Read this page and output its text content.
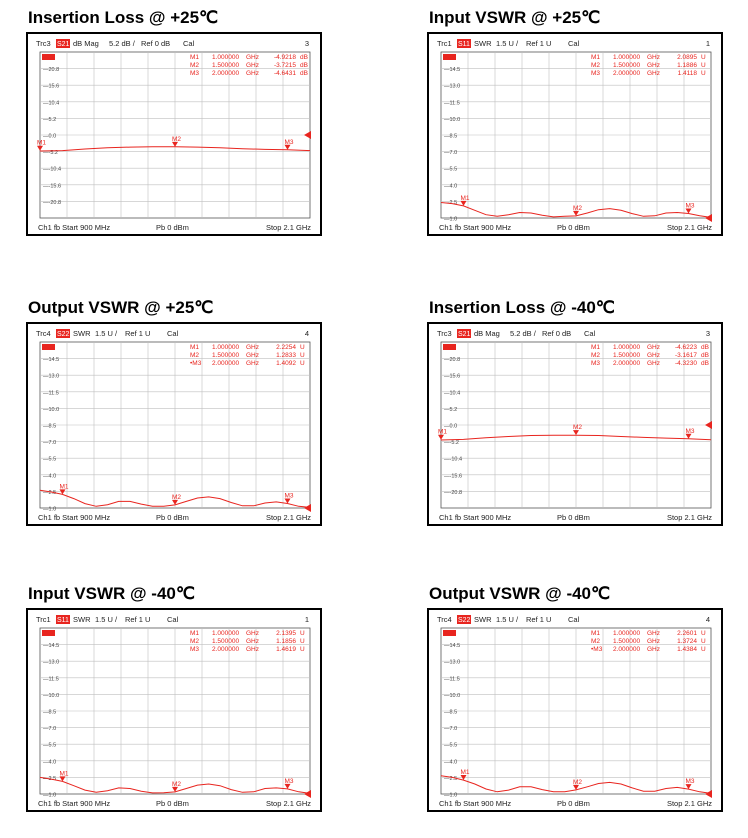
Insertion Loss @ +25℃
Trc3 S21 dB Mag 5.2 dB / Ref 0 dB Cal	3
—20.8
—15.6
—10.4
—5.2
—0.0
—-5.2
—-10.4
—-15.6
—-20.8
M1 1.000000 GHz -4.9218 dB
M2 1.500000 GHz -3.7215 dB
M3 2.000000 GHz -4.6431 dB
M1
M2	M3
Ch1 fb Start 900 MHz	Pb 0 dBm	Stop 2.1 GHz
Input VSWR @ +25℃
Trc1 S11 SWR 1.5 U / Ref 1 U Cal	1
—14.5
—13.0
—11.5
—10.0
—8.5
—7.0
—5.5
—4.0
—2.5
—1.0
M1 1.000000 GHz	2.0895 U
M2 1.500000 GHz	1.1886 U
M3 2.000000 GHz	1.4118 U
M1
M2	M3
Ch1 fb Start 900 MHz	Pb 0 dBm	Stop 2.1 GHz
Output VSWR @ +25℃
Trc4 S22 SWR 1.5 U / Ref 1 U Cal	4
—14.5
—13.0
—11.5
—10.0
—8.5
—7.0
—5.5
—4.0
—2.5
—1.0
M1 1.000000 GHz	2.2254 U
M2 1.500000 GHz	1.2833 U
•M3 2.000000 GHz	1.4092 U
M1
M2	M3
Ch1 fb Start 900 MHz	Pb 0 dBm	Stop 2.1 GHz
Insertion Loss @ -40℃
Trc3 S21 dB Mag 5.2 dB / Ref 0 dB Cal	3
—20.8
—15.6
—10.4
—5.2
—0.0
—-5.2
—-10.4
—-15.6
—-20.8
M1 1.000000 GHz -4.6223 dB
M2 1.500000 GHz -3.1617 dB
M3 2.000000 GHz -4.3230 dB
M1
M2
M3
Ch1 fb Start 900 MHz	Pb 0 dBm	Stop 2.1 GHz
Input VSWR @ -40℃
Trc1 S11 SWR 1.5 U / Ref 1 U Cal	1
—14.5
—13.0
—11.5
—10.0
—8.5
—7.0
—5.5
—4.0
—2.5
—1.0
M1 1.000000 GHz	2.1395 U
M2 1.500000 GHz	1.1856 U
M3 2.000000 GHz	1.4619 U
M1
M2	M3
Ch1 fb Start 900 MHz	Pb 0 dBm	Stop 2.1 GHz
Output VSWR @ -40℃
Trc4 S22 SWR 1.5 U / Ref 1 U Cal	4
—14.5
—13.0
—11.5
—10.0
—8.5
—7.0
—5.5
—4.0
—2.5
—1.0
M1 1.000000 GHz	2.2601 U
M2 1.500000 GHz	1.3724 U
•M3 2.000000 GHz	1.4384 U
M1
M2	M3
Ch1 fb Start 900 MHz	Pb 0 dBm	Stop 2.1 GHz
